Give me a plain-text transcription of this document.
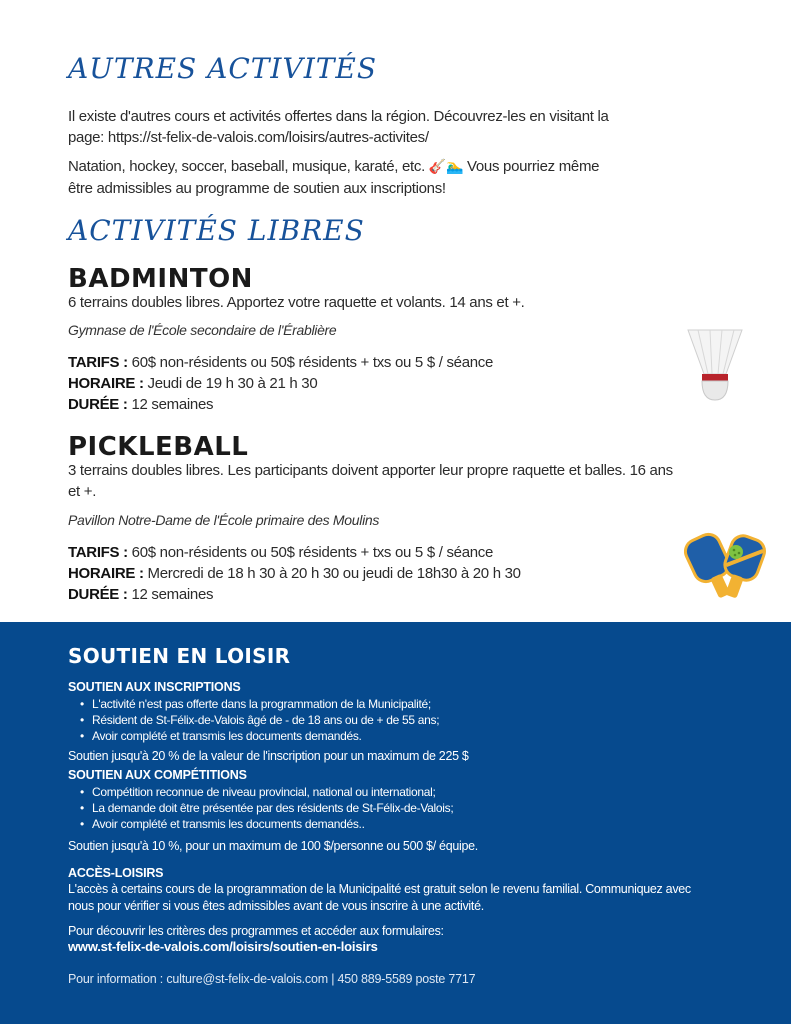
AUTRES ACTIVITÉS
Il existe d'autres cours et activités offertes dans la région. Découvrez-les en visitant la
page: https://st-felix-de-valois.com/loisirs/autres-activites/
Natation, hockey, soccer, baseball, musique, karaté, etc. 🎸🏊‍♂ Vous pourriez même
être admissibles au programme de soutien aux inscriptions!
ACTIVITÉS LIBRES
BADMINTON
6 terrains doubles libres. Apportez votre raquette et volants. 14 ans et +.
Gymnase de l'École secondaire de l'Érablière
TARIFS : 60$ non-résidents ou 50$ résidents + txs ou 5 $ / séance
HORAIRE : Jeudi de 19 h 30 à 21 h 30
DURÉE : 12 semaines
PICKLEBALL
3 terrains doubles libres. Les participants doivent apporter leur propre raquette et balles. 16 ans
et +.
Pavillon Notre-Dame de l'École primaire des Moulins
TARIFS : 60$ non-résidents ou 50$ résidents + txs ou 5 $ / séance
HORAIRE : Mercredi de 18 h 30 à 20 h 30 ou jeudi de 18h30 à 20 h 30
DURÉE : 12 semaines
SOUTIEN EN LOISIR
SOUTIEN AUX INSCRIPTIONS
• L'activité n'est pas offerte dans la programmation de la Municipalité;
• Résident de St-Félix-de-Valois âgé de - de 18 ans ou de + de 55 ans;
• Avoir complété et transmis les documents demandés.
Soutien jusqu'à 20 % de la valeur de l'inscription pour un maximum de 225 $
SOUTIEN AUX COMPÉTITIONS
• Compétition reconnue de niveau provincial, national ou international;
• La demande doit être présentée par des résidents de St-Félix-de-Valois;
• Avoir complété et transmis les documents demandés..
Soutien jusqu'à 10 %, pour un maximum de 100 $/personne ou 500 $/ équipe.
ACCÈS-LOISIRS
L'accès à certains cours de la programmation de la Municipalité est gratuit selon le revenu familial. Communiquez avec
nous pour vérifier si vous êtes admissibles avant de vous inscrire à une activité.
Pour découvrir les critères des programmes et accéder aux formulaires:
www.st-felix-de-valois.com/loisirs/soutien-en-loisirs
Pour information : culture@st-felix-de-valois.com | 450 889-5589 poste 7717
